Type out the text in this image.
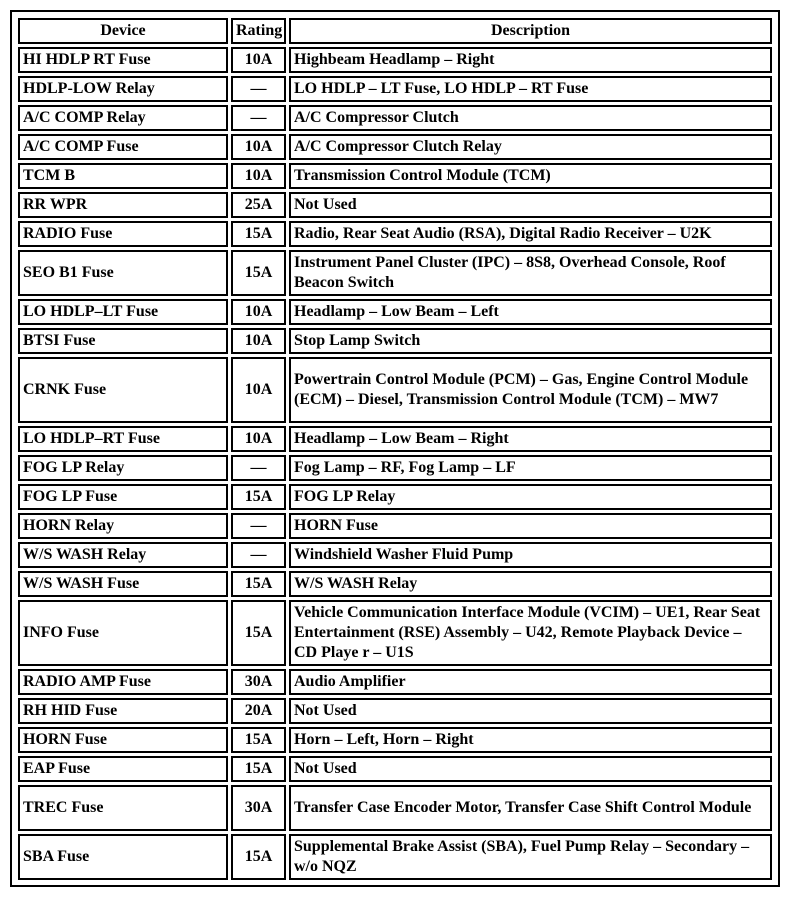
Device	Rating	Description
HI HDLP RT Fuse	10A	Highbeam Headlamp – Right
HDLP-LOW Relay	—	LO HDLP – LT Fuse, LO HDLP – RT Fuse
A/C COMP Relay	—	A/C Compressor Clutch
A/C COMP Fuse	10A	A/C Compressor Clutch Relay
TCM B	10A	Transmission Control Module (TCM)
RR WPR	25A	Not Used
RADIO Fuse	15A	Radio, Rear Seat Audio (RSA), Digital Radio Receiver – U2K
SEO B1 Fuse	15A	Instrument Panel Cluster (IPC) – 8S8, Overhead Console, Roof Beacon Switch
LO HDLP–LT Fuse	10A	Headlamp – Low Beam – Left
BTSI Fuse	10A	Stop Lamp Switch
CRNK Fuse	10A	Powertrain Control Module (PCM) – Gas, Engine Control Module (ECM) – Diesel, Transmission Control Module (TCM) – MW7
LO HDLP–RT Fuse	10A	Headlamp – Low Beam – Right
FOG LP Relay	—	Fog Lamp – RF, Fog Lamp – LF
FOG LP Fuse	15A	FOG LP Relay
HORN Relay	—	HORN Fuse
W/S WASH Relay	—	Windshield Washer Fluid Pump
W/S WASH Fuse	15A	W/S WASH Relay
INFO Fuse	15A	Vehicle Communication Interface Module (VCIM) – UE1, Rear Seat Entertainment (RSE) Assembly – U42, Remote Playback Device – CD Playe r – U1S
RADIO AMP Fuse	30A	Audio Amplifier
RH HID Fuse	20A	Not Used
HORN Fuse	15A	Horn – Left, Horn – Right
EAP Fuse	15A	Not Used
TREC Fuse	30A	Transfer Case Encoder Motor, Transfer Case Shift Control Module
SBA Fuse	15A	Supplemental Brake Assist (SBA), Fuel Pump Relay – Secondary – w/o NQZ
